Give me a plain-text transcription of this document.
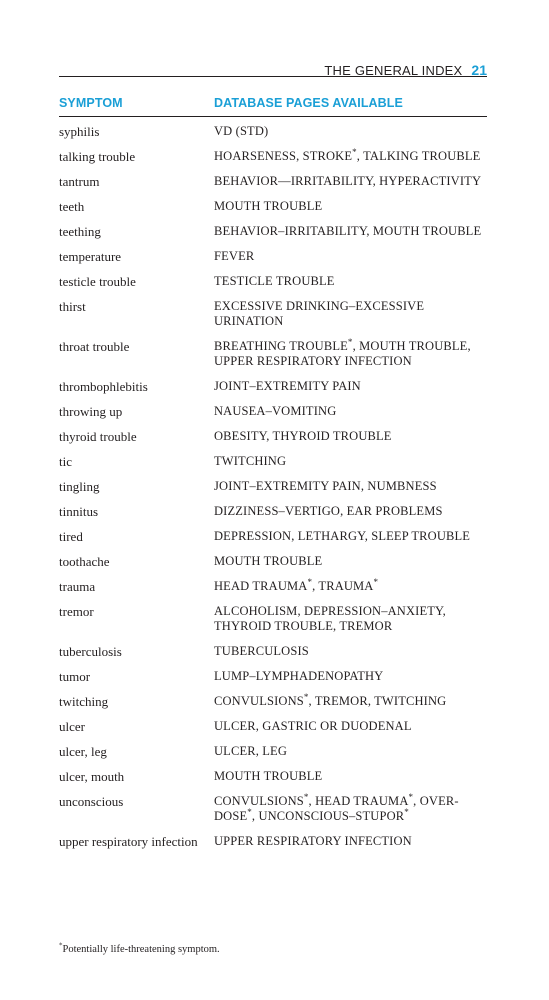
THE GENERAL INDEX 21
SYMPTOM	DATABASE PAGES AVAILABLE
syphilis	VD (STD)
talking trouble	HOARSENESS, STROKE*, TALKING TROUBLE
tantrum	BEHAVIOR—IRRITABILITY, HYPERACTIVITY
teeth	MOUTH TROUBLE
teething	BEHAVIOR–IRRITABILITY, MOUTH TROUBLE
temperature	FEVER
testicle trouble	TESTICLE TROUBLE
thirst	EXCESSIVE DRINKING–EXCESSIVE URINATION
throat trouble	BREATHING TROUBLE*, MOUTH TROUBLE, UPPER RESPIRATORY INFECTION
thrombophlebitis	JOINT–EXTREMITY PAIN
throwing up	NAUSEA–VOMITING
thyroid trouble	OBESITY, THYROID TROUBLE
tic	TWITCHING
tingling	JOINT–EXTREMITY PAIN, NUMBNESS
tinnitus	DIZZINESS–VERTIGO, EAR PROBLEMS
tired	DEPRESSION, LETHARGY, SLEEP TROUBLE
toothache	MOUTH TROUBLE
trauma	HEAD TRAUMA*, TRAUMA*
tremor	ALCOHOLISM, DEPRESSION–ANXIETY, THYROID TROUBLE, TREMOR
tuberculosis	TUBERCULOSIS
tumor	LUMP–LYMPHADENOPATHY
twitching	CONVULSIONS*, TREMOR, TWITCHING
ulcer	ULCER, GASTRIC OR DUODENAL
ulcer, leg	ULCER, LEG
ulcer, mouth	MOUTH TROUBLE
unconscious	CONVULSIONS*, HEAD TRAUMA*, OVER-DOSE*, UNCONSCIOUS–STUPOR*
upper respiratory infection	UPPER RESPIRATORY INFECTION
*Potentially life-threatening symptom.
